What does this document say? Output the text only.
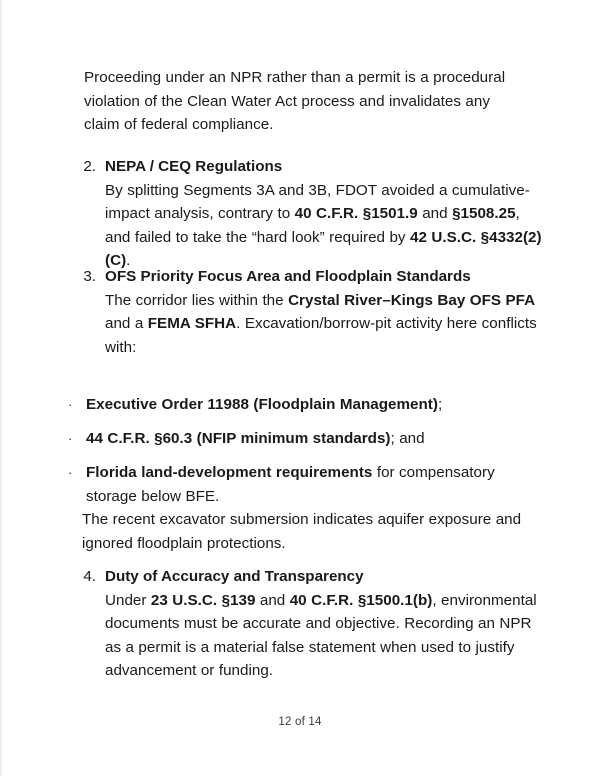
Proceeding under an NPR rather than a permit is a procedural violation of the Clean Water Act process and invalidates any claim of federal compliance.
2. NEPA / CEQ Regulations
By splitting Segments 3A and 3B, FDOT avoided a cumulative-impact analysis, contrary to 40 C.F.R. §1501.9 and §1508.25, and failed to take the “hard look” required by 42 U.S.C. §4332(2)(C).
3. OFS Priority Focus Area and Floodplain Standards
The corridor lies within the Crystal River–Kings Bay OFS PFA and a FEMA SFHA. Excavation/borrow-pit activity here conflicts with:
· Executive Order 11988 (Floodplain Management);
· 44 C.F.R. §60.3 (NFIP minimum standards); and
· Florida land-development requirements for compensatory storage below BFE.
The recent excavator submersion indicates aquifer exposure and ignored floodplain protections.
4. Duty of Accuracy and Transparency
Under 23 U.S.C. §139 and 40 C.F.R. §1500.1(b), environmental documents must be accurate and objective. Recording an NPR as a permit is a material false statement when used to justify advancement or funding.
12 of 14
